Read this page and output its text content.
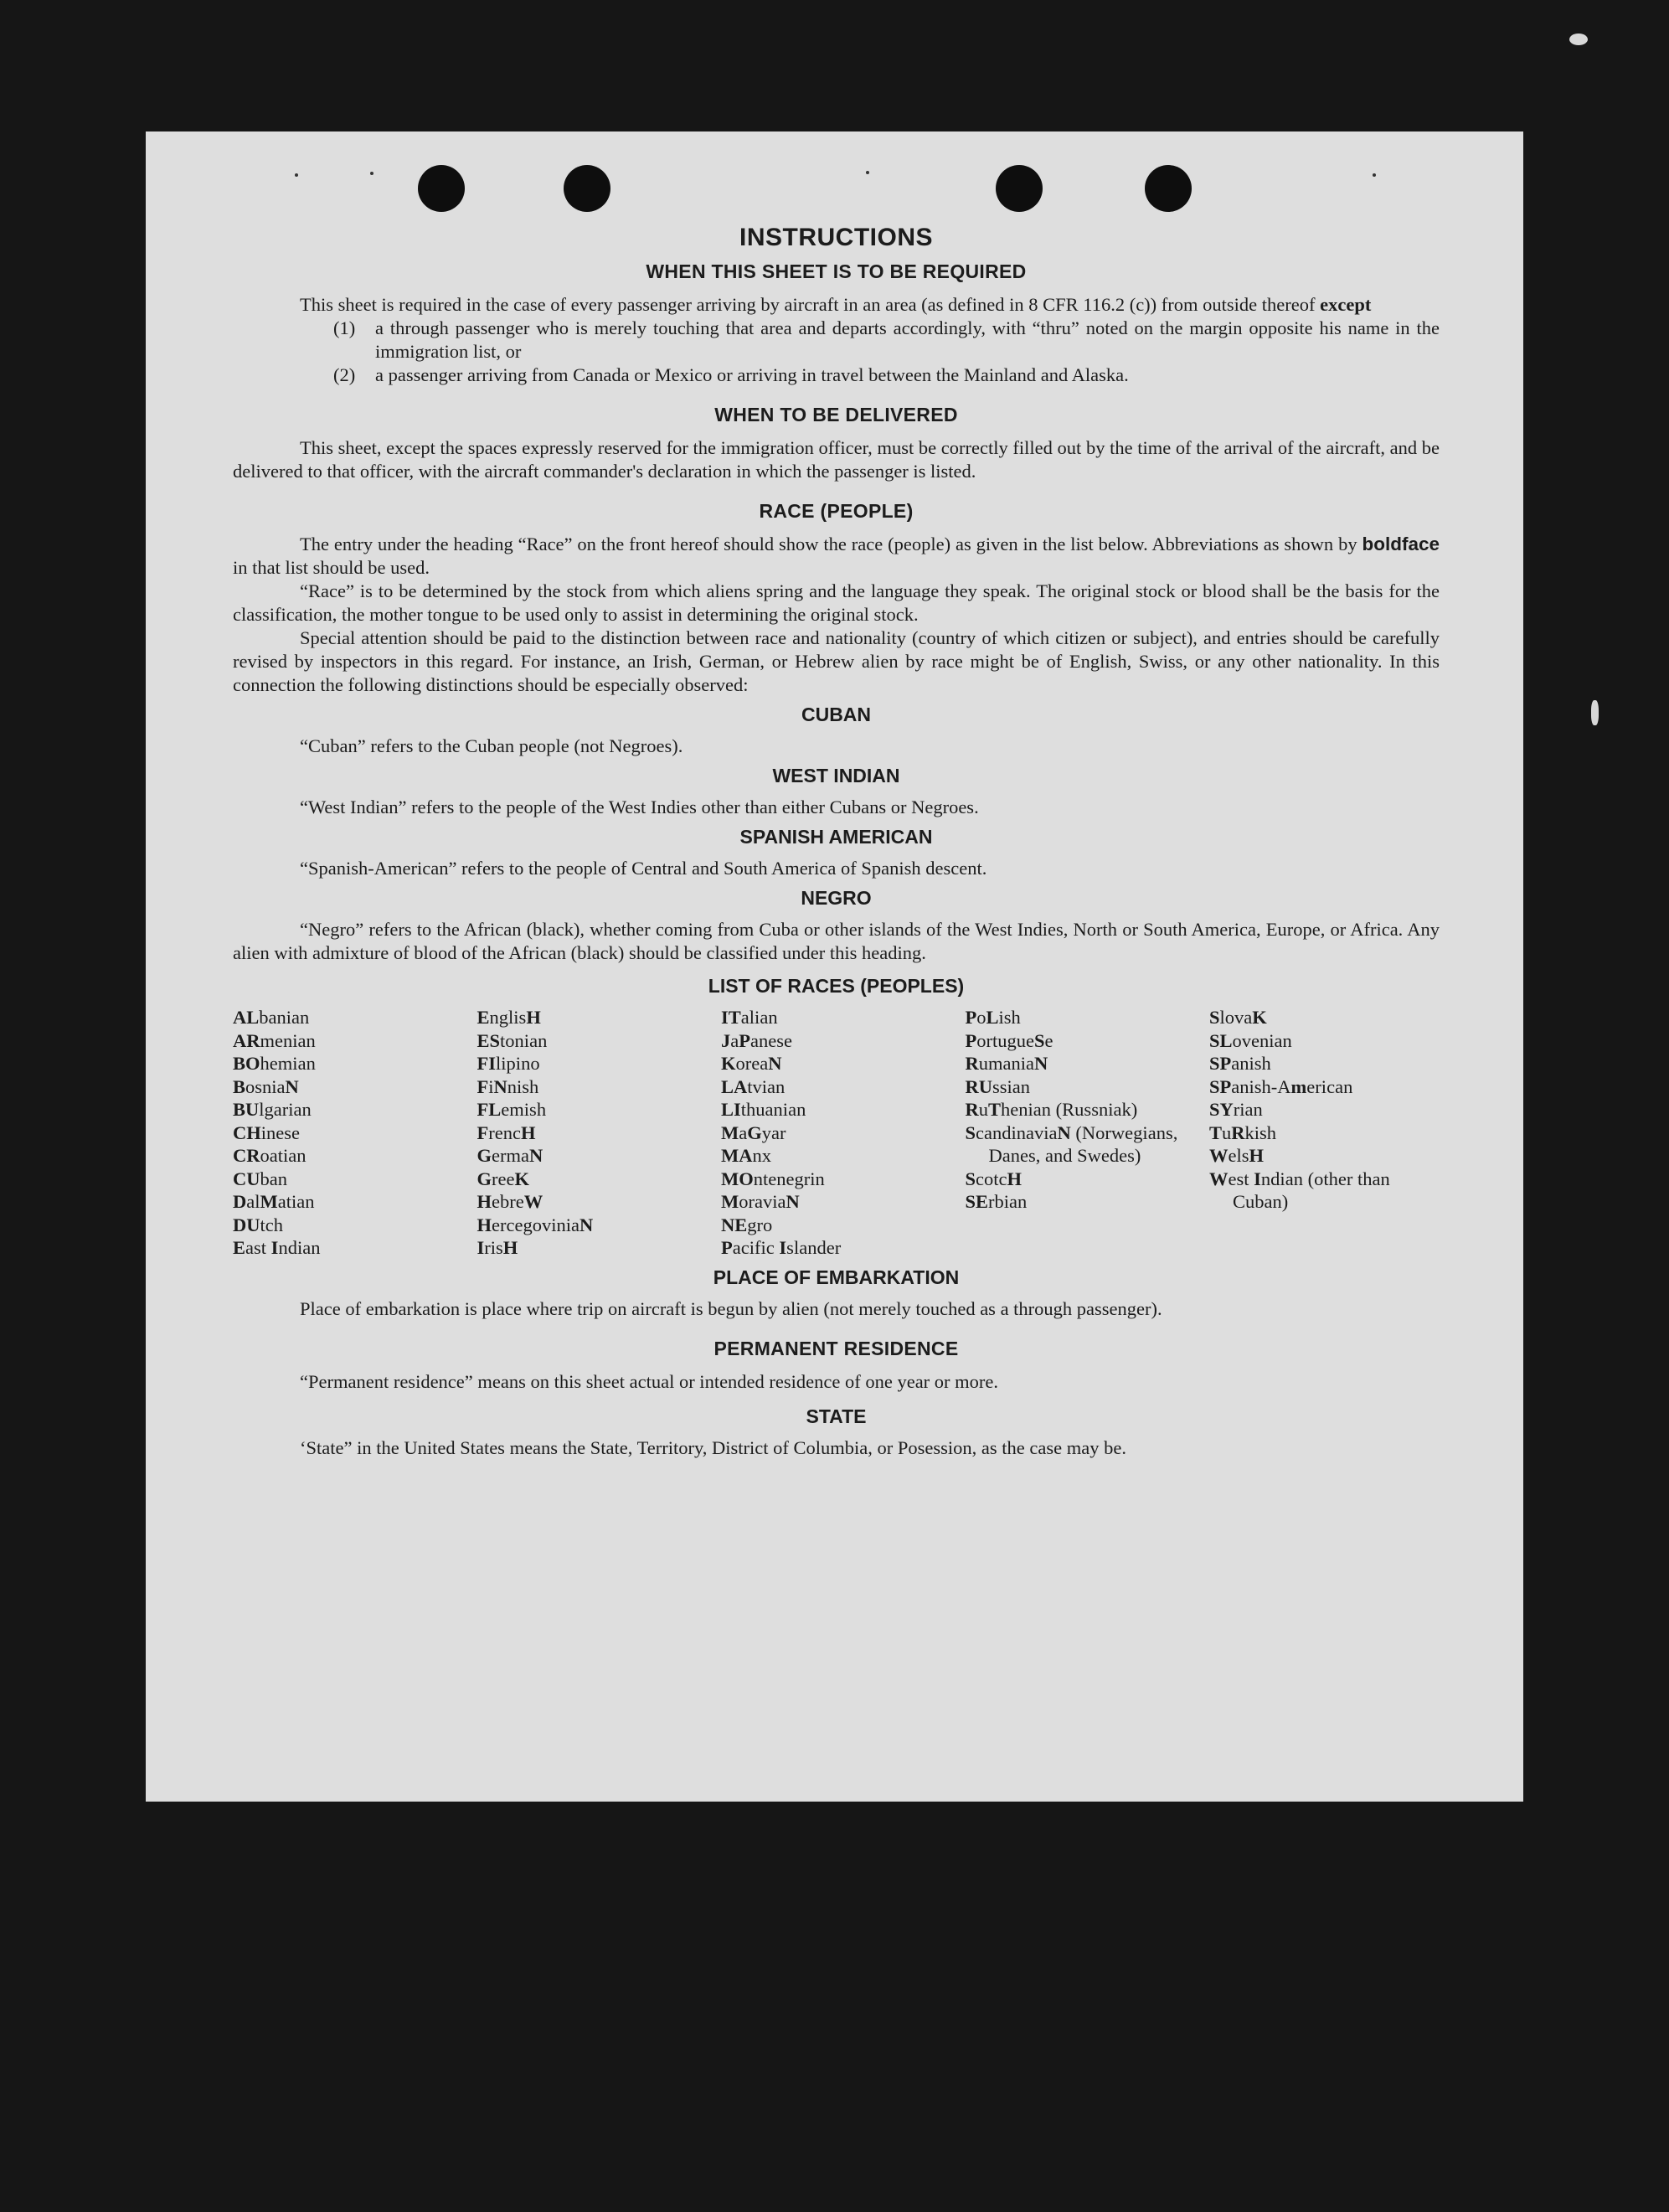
INSTRUCTIONS
WHEN THIS SHEET IS TO BE REQUIRED

This sheet is required in the case of every passenger arriving by aircraft in an area (as defined in 8 CFR 116.2 (c)) from outside thereof except

(1) a through passenger who is merely touching that area and departs accordingly, with “thru” noted on the margin opposite his name in the immigration list, or
(2) a passenger arriving from Canada or Mexico or arriving in travel between the Mainland and Alaska.
WHEN TO BE DELIVERED

This sheet, except the spaces expressly reserved for the immigration officer, must be correctly filled out by the time of the arrival of the aircraft, and be delivered to that officer, with the aircraft commander's declaration in which the passenger is listed.

RACE (PEOPLE)

The entry under the heading “Race” on the front hereof should show the race (people) as given in the list below. Abbreviations as shown by boldface in that list should be used.

“Race” is to be determined by the stock from which aliens spring and the language they speak. The original stock or blood shall be the basis for the classification, the mother tongue to be used only to assist in determining the original stock.

Special attention should be paid to the distinction between race and nationality (country of which citizen or subject), and entries should be carefully revised by inspectors in this regard. For instance, an Irish, German, or Hebrew alien by race might be of English, Swiss, or any other nationality. In this connection the following distinctions should be especially observed:

CUBAN

“Cuban” refers to the Cuban people (not Negroes).

WEST INDIAN

“West Indian” refers to the people of the West Indies other than either Cubans or Negroes.

SPANISH AMERICAN

“Spanish-American” refers to the people of Central and South America of Spanish descent.

NEGRO

“Negro” refers to the African (black), whether coming from Cuba or other islands of the West Indies, North or South America, Europe, or Africa. Any alien with admixture of blood of the African (black) should be classified under this heading.

LIST OF RACES (PEOPLES)
ALbanian
ARmenian
BOhemian
BosniaN
BUlgarian
CHinese
CRoatian
CUban
DalMatian
DUtch
East Indian
EnglisH
EStonian
FIlipino
FiNnish
FLemish
FrencH
GermaN
GreeK
HebreW
HercegoviniaN
IrisH
ITalian
JaPanese
KoreaN
LAtvian
LIthuanian
MaGyar
MAnx
MOntenegrin
MoraviaN
NEgro
Pacific Islander
PoLish
PortugueSe
RumaniaN
RUssian
RuThenian (Russniak)
ScandinaviaN (Norwegians, Danes, and Swedes)
ScotcH
SErbian
SlovaK
SLovenian
SPanish
SPanish-American
SYrian
TuRkish
WelsH
West Indian (other than Cuban)
PLACE OF EMBARKATION

Place of embarkation is place where trip on aircraft is begun by alien (not merely touched as a through passenger).

PERMANENT RESIDENCE

“Permanent residence” means on this sheet actual or intended residence of one year or more.

STATE

‘State” in the United States means the State, Territory, District of Columbia, or Posession, as the case may be.
